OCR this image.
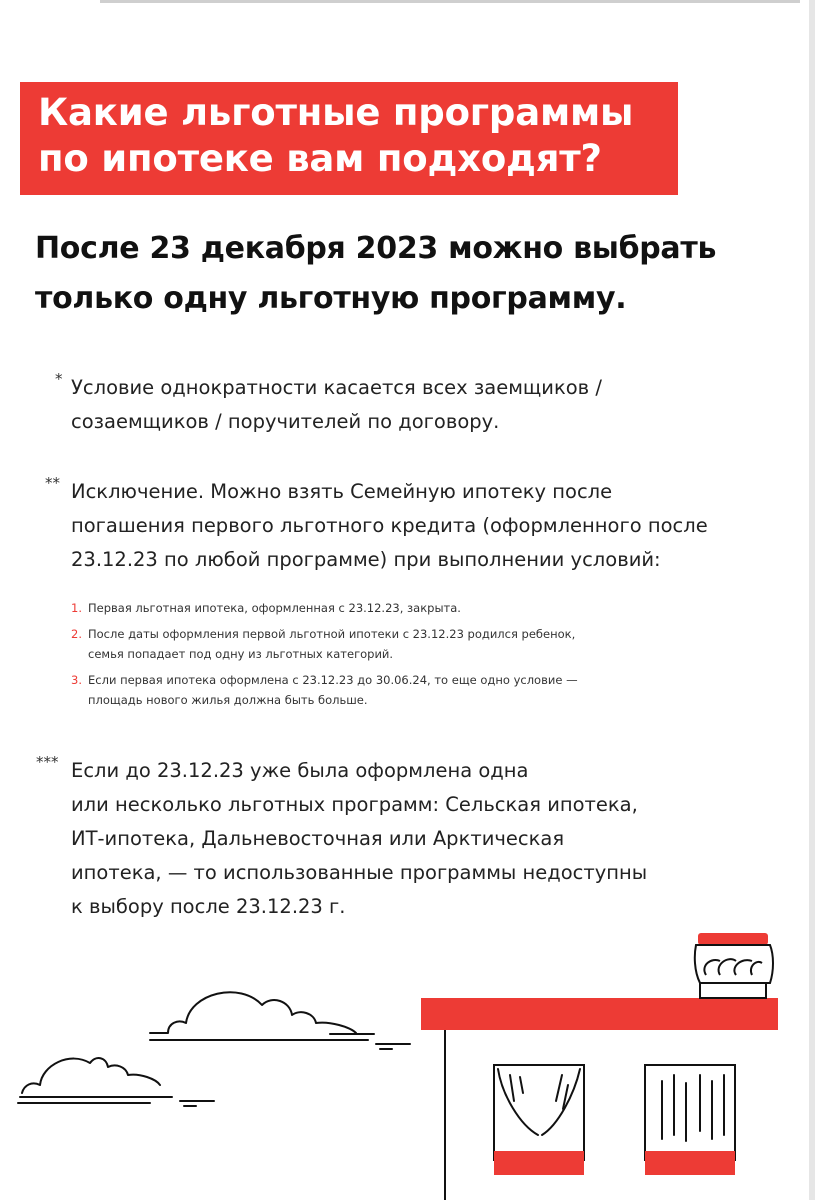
Какие льготные программы
по ипотеке вам подходят?
После 23 декабря 2023 можно выбрать
только одну льготную программу.
* Условие однократности касается всех заемщиков /
созаемщиков / поручителей по договору.
** Исключение. Можно взять Семейную ипотеку после
погашения первого льготного кредита (оформленного после
23.12.23 по любой программе) при выполнении условий:
1. Первая льготная ипотека, оформленная с 23.12.23, закрыта.
2. После даты оформления первой льготной ипотеки с 23.12.23 родился ребенок,
семья попадает под одну из льготных категорий.
3. Если первая ипотека оформлена с 23.12.23 до 30.06.24, то еще одно условие —
площадь нового жилья должна быть больше.
*** Если до 23.12.23 уже была оформлена одна
или несколько льготных программ: Сельская ипотека,
ИТ-ипотека, Дальневосточная или Арктическая
ипотека, — то использованные программы недоступны
к выбору после 23.12.23 г.
